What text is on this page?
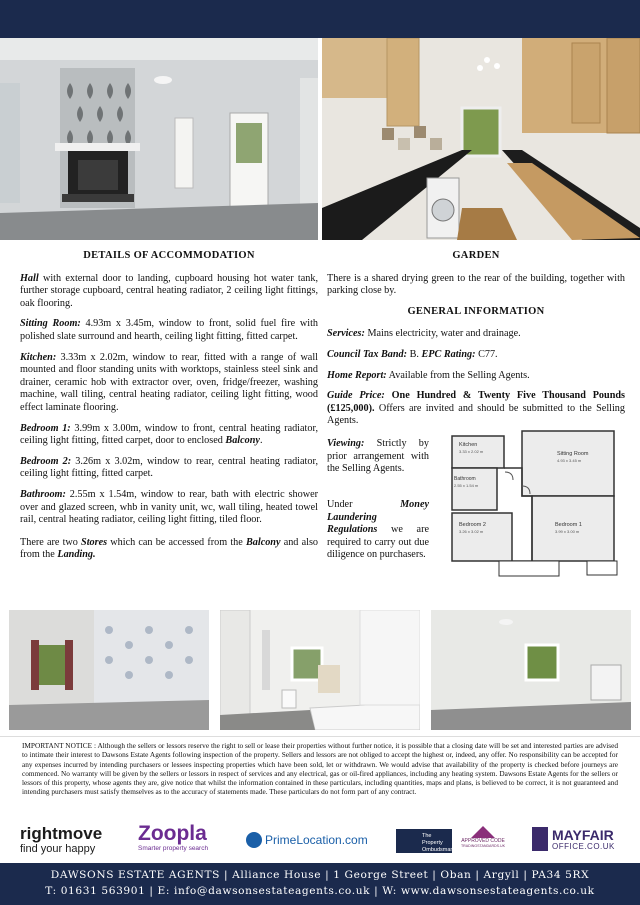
DETAILS OF ACCOMMODATION

Hall with external door to landing, cupboard housing hot water tank, further storage cupboard, central heating radiator, 2 ceiling light fittings, oak flooring.

Sitting Room: 4.93m x 3.45m, window to front, solid fuel fire with polished slate surround and hearth, ceiling light fitting, fitted carpet.

Kitchen: 3.33m x 2.02m, window to rear, fitted with a range of wall mounted and floor standing units with worktops, stainless steel sink and drainer, ceramic hob with extractor over, oven, fridge/freezer, washing machine, wall tiling, central heating radiator, ceiling light fitting, wood effect laminate flooring.

Bedroom 1: 3.99m x 3.00m, window to front, central heating radiator, ceiling light fitting, fitted carpet, door to enclosed Balcony.

Bedroom 2: 3.26m x 3.02m, window to rear, central heating radiator, ceiling light fitting, fitted carpet.

Bathroom: 2.55m x 1.54m, window to rear, bath with electric shower over and glazed screen, whb in vanity unit, wc, wall tiling, heated towel rail, central heating radiator, ceiling light fitting, tiled floor.

There are two Stores which can be accessed from the Balcony and also from the Landing.

GARDEN

There is a shared drying green to the rear of the building, together with parking close by.

GENERAL INFORMATION

Services: Mains electricity, water and drainage.

Council Tax Band: B. EPC Rating: C77.

Home Report: Available from the Selling Agents.

Guide Price: One Hundred & Twenty Five Thousand Pounds (£125,000). Offers are invited and should be submitted to the Selling Agents.

Viewing: Strictly by prior arrangement with the Selling Agents.
Under Money Laundering Regulations we are required to carry out due diligence on purchasers.
Kitchen
3.33 x 2.02 m	Sitting Room
4.93 x 3.45 m
Bathroom
2.55 x 1.54 m
Bedroom 2
3.26 x 3.02 m
Bedroom 1
3.99 x 3.00 m
IMPORTANT NOTICE : Although the sellers or lessors reserve the right to sell or lease their properties without further notice, it is possible that a closing date will be set and interested parties are advised to intimate their interest to Dawsons Estate Agents following inspection of the property. Sellers and lessors are not obliged to accept the highest or, indeed, any offer. No responsibility can be accepted for any expenses incurred by intending purchasers or lessees inspecting properties which have been sold, let or withdrawn. We would advise that availability of the property is checked before journeys are commenced. No warranty will be given by the sellers or lessors in respect of services and any electrical, gas or oil-fired appliances, including any heating system. Dawsons Estate Agents for the sellers or lessors of this property, whose agents they are, give notice that whilst the information contained in these particulars, including quantities, maps and plans, is believed to be correct, it is not guaranteed and intending purchasers must satisfy themselves as to the accuracy of statements made. These particulars do not form part of any contract.
rightmove
find your happy
Zoopla
Smarter property search
PrimeLocation.com	The Property
Ombudsman
APPROVED CODE
TRADINGSTANDARDS.UK
MAYFAIR
OFFICE.CO.UK
DAWSONS ESTATE AGENTS | Alliance House | 1 George Street | Oban | Argyll | PA34 5RX
T: 01631 563901 | E: info@dawsonsestateagents.co.uk | W: www.dawsonsestateagents.co.uk
